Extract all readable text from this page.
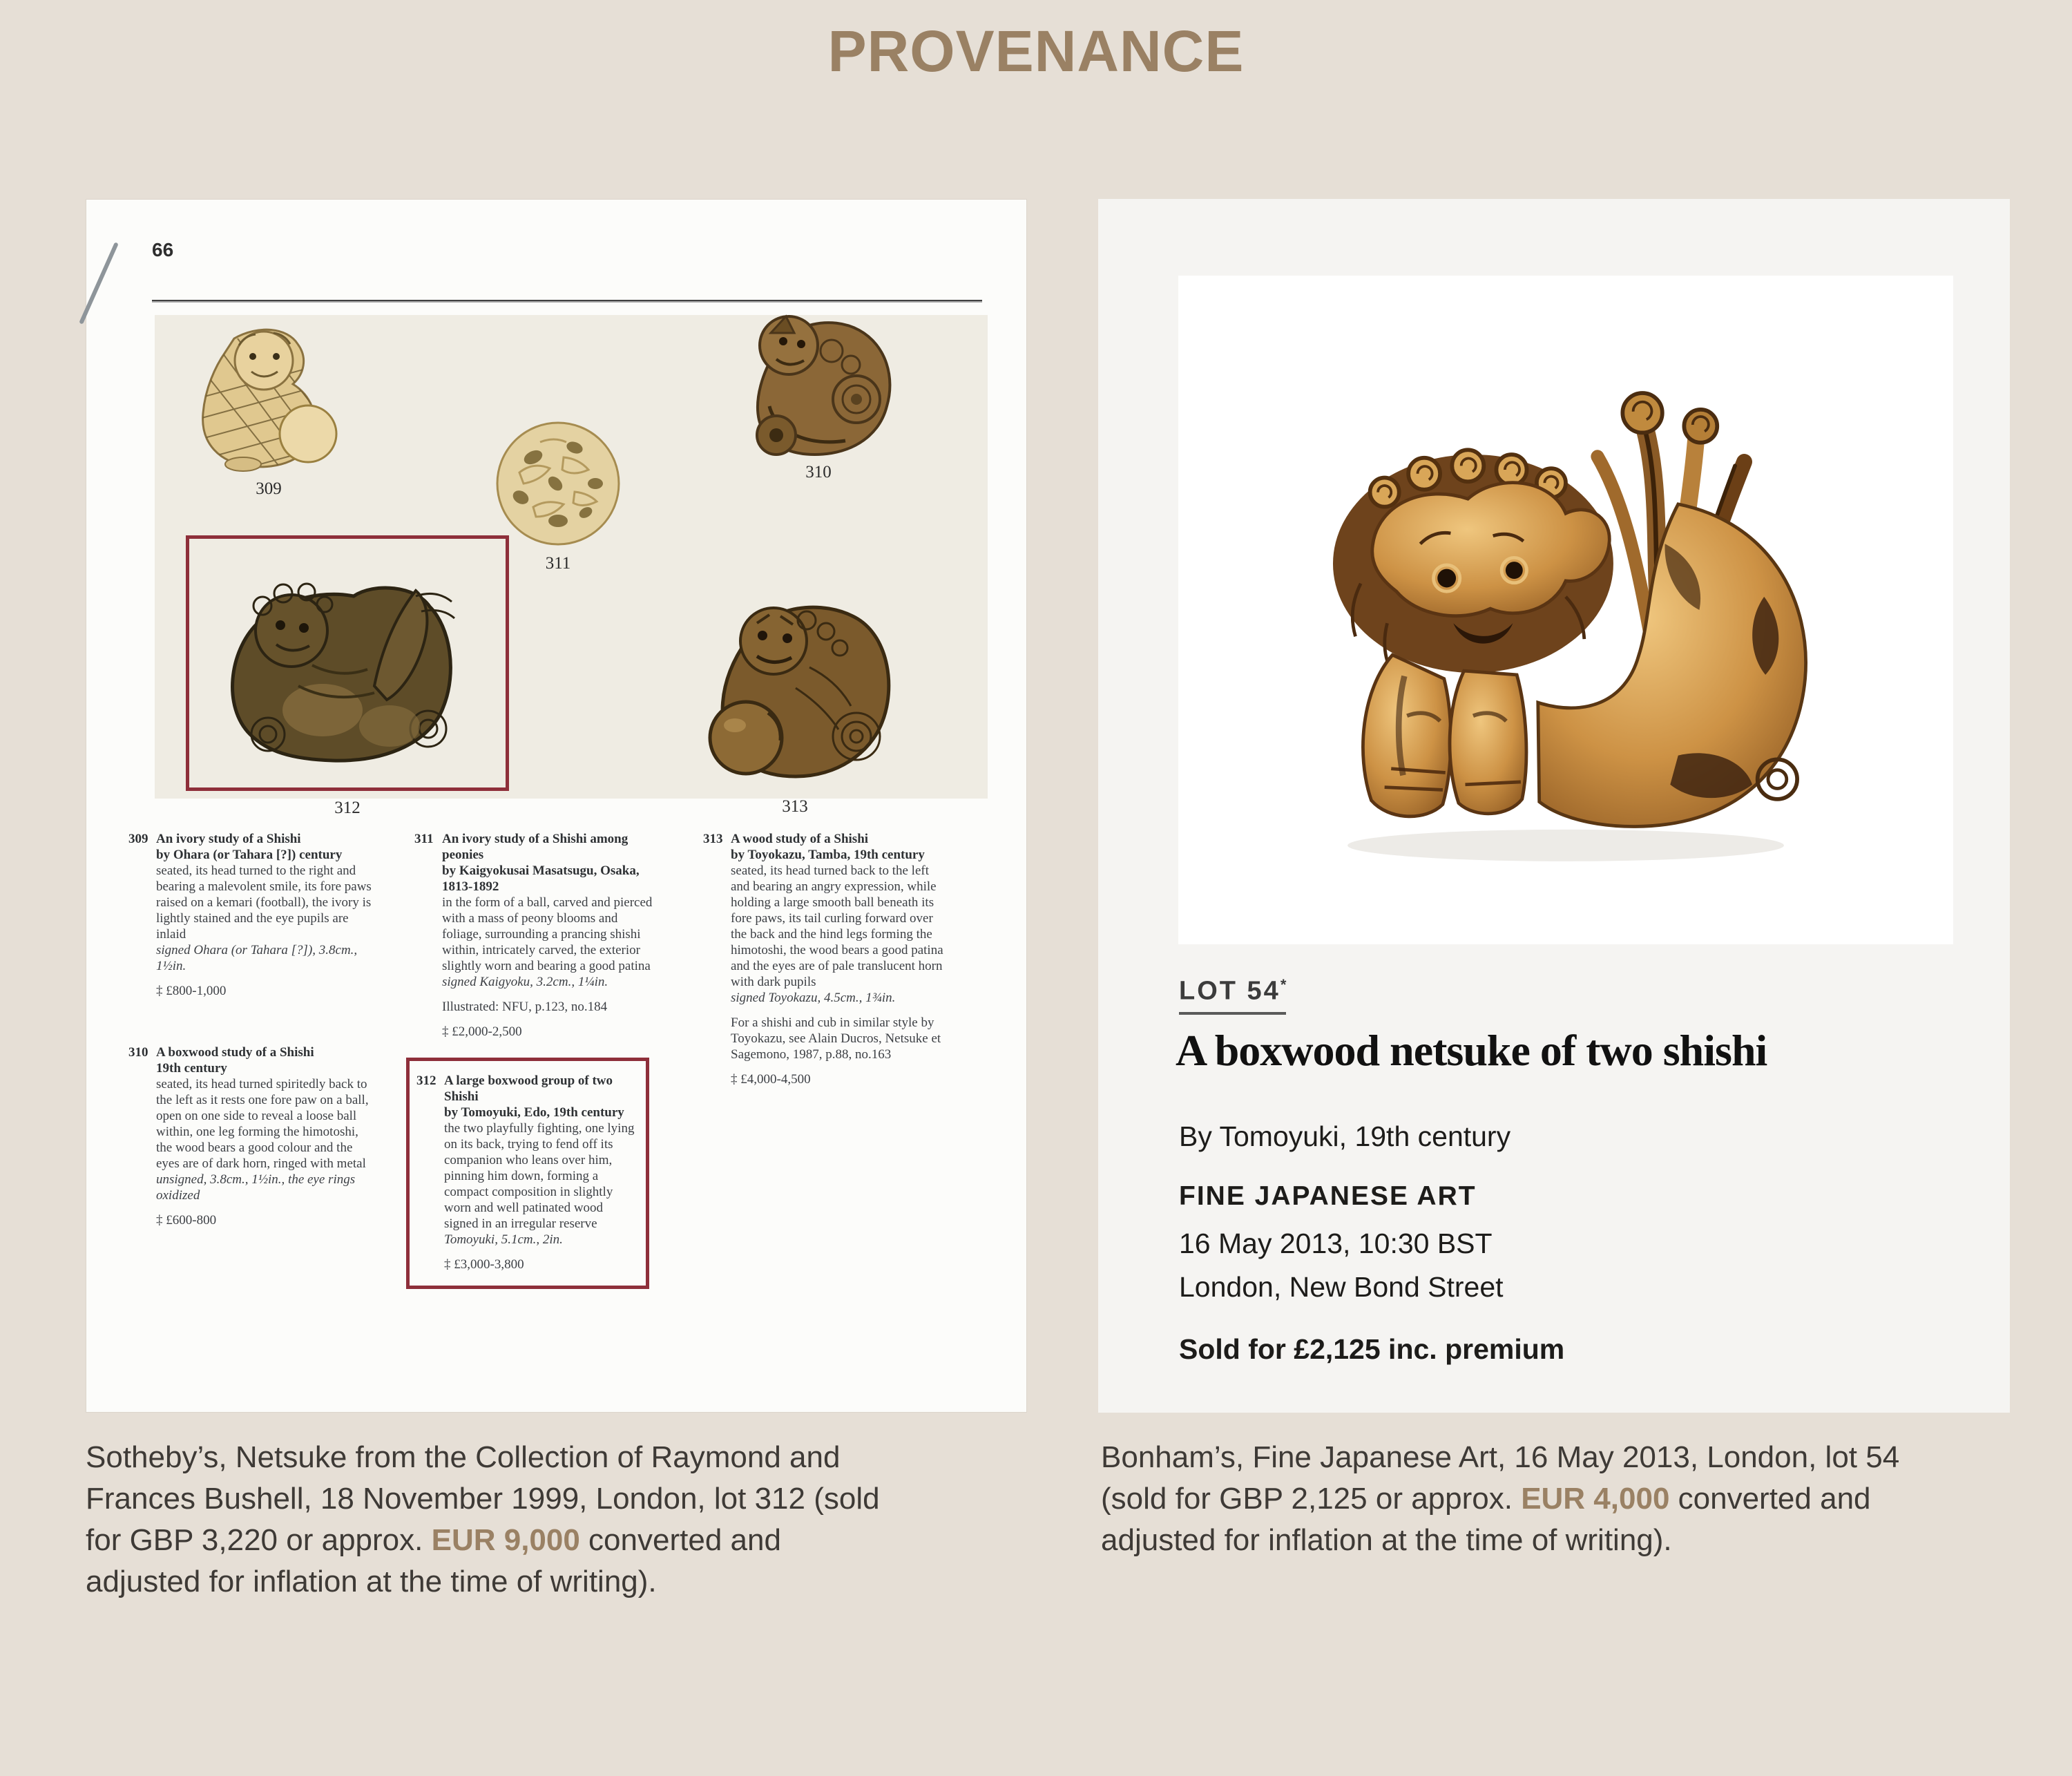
PROVENANCE
66
309
310
311
312	313
309 An ivory study of a Shishi
by Ohara (or Tahara [?]) century
seated, its head turned to the right and bearing a malevolent smile, its fore paws raised on a kemari (football), the ivory is lightly stained and the eye pupils are inlaid
signed Ohara (or Tahara [?]), 3.8cm., 1½in.
‡ £800-1,000
310 A boxwood study of a Shishi
19th century
seated, its head turned spiritedly back to the left as it rests one fore paw on a ball, open on one side to reveal a loose ball within, one leg forming the himotoshi, the wood bears a good colour and the eyes are of dark horn, ringed with metal
unsigned, 3.8cm., 1½in., the eye rings oxidized
‡ £600-800
311 An ivory study of a Shishi among peonies
by Kaigyokusai Masatsugu, Osaka, 1813-1892
in the form of a ball, carved and pierced with a mass of peony blooms and foliage, surrounding a prancing shishi within, intricately carved, the exterior slightly worn and bearing a good patina
signed Kaigyoku, 3.2cm., 1¼in.
Illustrated: NFU, p.123, no.184
‡ £2,000-2,500
312 A large boxwood group of two Shishi
by Tomoyuki, Edo, 19th century
the two playfully fighting, one lying on its back, trying to fend off its companion who leans over him, pinning him down, forming a compact composition in slightly worn and well patinated wood signed in an irregular reserve
Tomoyuki, 5.1cm., 2in.
‡ £3,000-3,800
313 A wood study of a Shishi
by Toyokazu, Tamba, 19th century
seated, its head turned back to the left and bearing an angry expression, while holding a large smooth ball beneath its fore paws, its tail curling forward over the back and the hind legs forming the himotoshi, the wood bears a good patina and the eyes are of pale translucent horn with dark pupils
signed Toyokazu, 4.5cm., 1¾in.
For a shishi and cub in similar style by Toyokazu, see Alain Ducros, Netsuke et Sagemono, 1987, p.88, no.163
‡ £4,000-4,500
LOT 54*
A boxwood netsuke of two shishi

By Tomoyuki, 19th century

FINE JAPANESE ART

16 May 2013, 10:30 BST

London, New Bond Street

Sold for £2,125 inc. premium

Sotheby’s, Netsuke from the Collection of Raymond and Frances Bushell, 18 November 1999, London, lot 312 (sold for GBP 3,220 or approx. EUR 9,000 converted and adjusted for inflation at the time of writing).

Bonham’s, Fine Japanese Art, 16 May 2013, London, lot 54 (sold for GBP 2,125 or approx. EUR 4,000 converted and adjusted for inflation at the time of writing).
